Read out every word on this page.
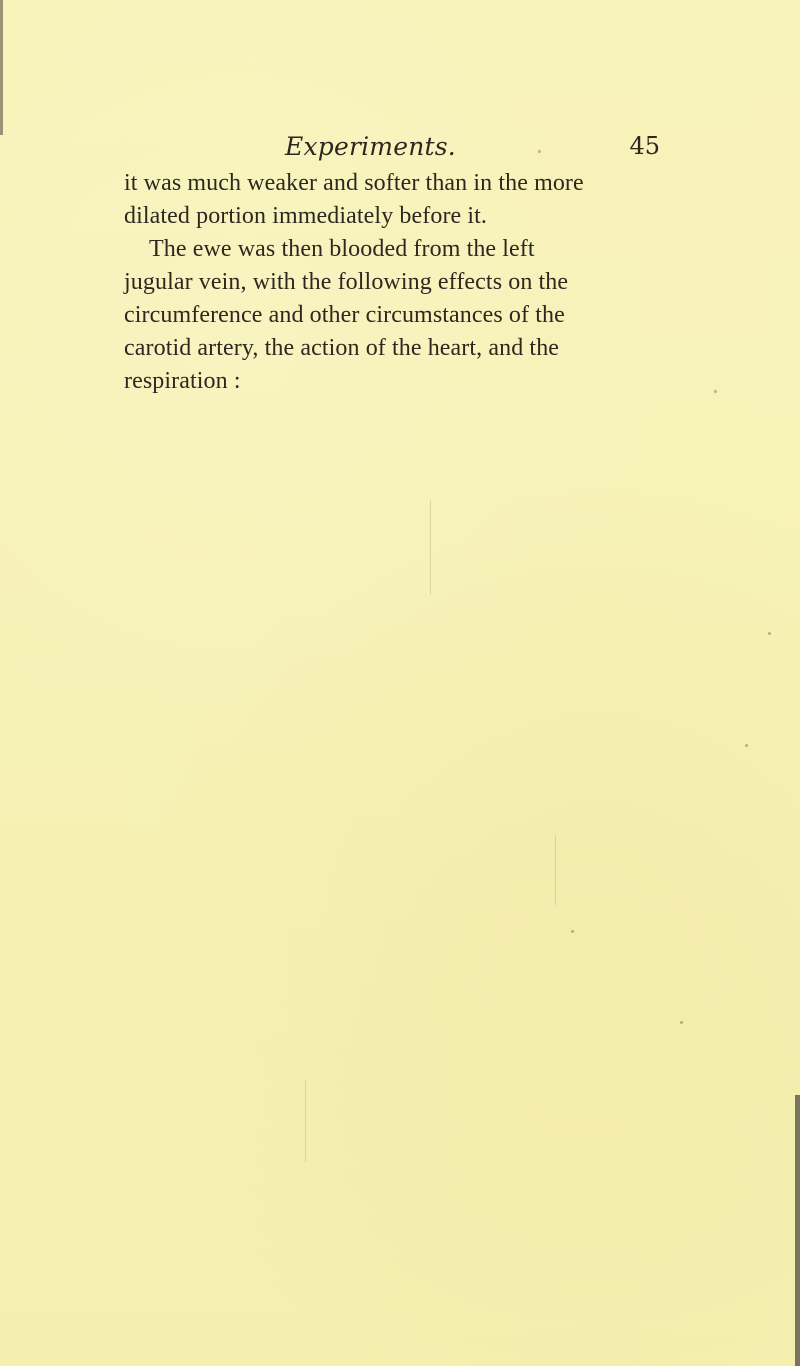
Experiments.	45
it was much weaker and softer than in the more
dilated portion immediately before it.
The ewe was then blooded from the left
jugular vein, with the following effects on the
circumference and other circumstances of the
carotid artery, the action of the heart, and the
respiration :
